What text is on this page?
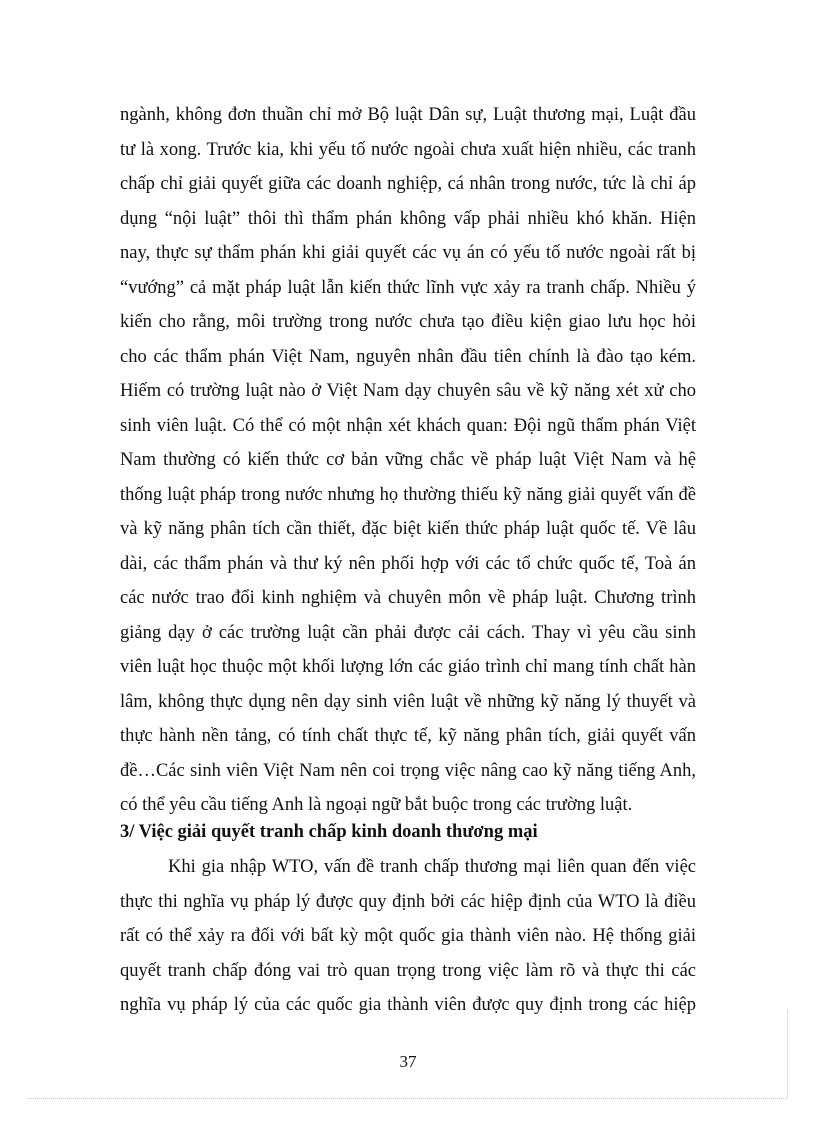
ngành, không đơn thuần chỉ mở Bộ luật Dân sự, Luật thương mại, Luật đầu
tư là xong. Trước kia, khi yếu tố nước ngoài chưa xuất hiện nhiều, các tranh
chấp chỉ giải quyết giữa các doanh nghiệp, cá nhân trong nước, tức là chỉ áp
dụng “nội luật” thôi thì thẩm phán không vấp phải nhiều khó khăn. Hiện
nay, thực sự thẩm phán khi giải quyết các vụ án có yếu tố nước ngoài rất bị
“vướng” cả mặt pháp luật lẫn kiến thức lĩnh vực xảy ra tranh chấp. Nhiều ý
kiến cho rằng, môi trường trong nước chưa tạo điều kiện giao lưu học hỏi
cho các thẩm phán Việt Nam, nguyên nhân đầu tiên chính là đào tạo kém.
Hiếm có trường luật nào ở Việt Nam dạy chuyên sâu về kỹ năng xét xử cho
sinh viên luật. Có thể có một nhận xét khách quan: Đội ngũ thẩm phán Việt
Nam thường có kiến thức cơ bản vững chắc về pháp luật Việt Nam và hệ
thống luật pháp trong nước nhưng họ thường thiếu kỹ năng giải quyết vấn đề
và kỹ năng phân tích cần thiết, đặc biệt kiến thức pháp luật quốc tế. Về lâu
dài, các thẩm phán và thư ký nên phối hợp với các tổ chức quốc tế, Toà án
các nước trao đổi kinh nghiệm và chuyên môn về pháp luật. Chương trình
giảng dạy ở các trường luật cần phải được cải cách. Thay vì yêu cầu sinh
viên luật học thuộc một khối lượng lớn các giáo trình chỉ mang tính chất hàn
lâm, không thực dụng nên dạy sinh viên luật về những kỹ năng lý thuyết và
thực hành nền tảng, có tính chất thực tế, kỹ năng phân tích, giải quyết vấn
đề…Các sinh viên Việt Nam nên coi trọng việc nâng cao kỹ năng tiếng Anh,
có thể yêu cầu tiếng Anh là ngoại ngữ bắt buộc trong các trường luật.
3/ Việc giải quyết tranh chấp kinh doanh thương mại
Khi gia nhập WTO, vấn đề tranh chấp thương mại liên quan đến việc
thực thi nghĩa vụ pháp lý được quy định bởi các hiệp định của WTO là điều
rất có thể xảy ra đối với bất kỳ một quốc gia thành viên nào. Hệ thống giải
quyết tranh chấp đóng vai trò quan trọng trong việc làm rõ và thực thi các
nghĩa vụ pháp lý của các quốc gia thành viên được quy định trong các hiệp
37
